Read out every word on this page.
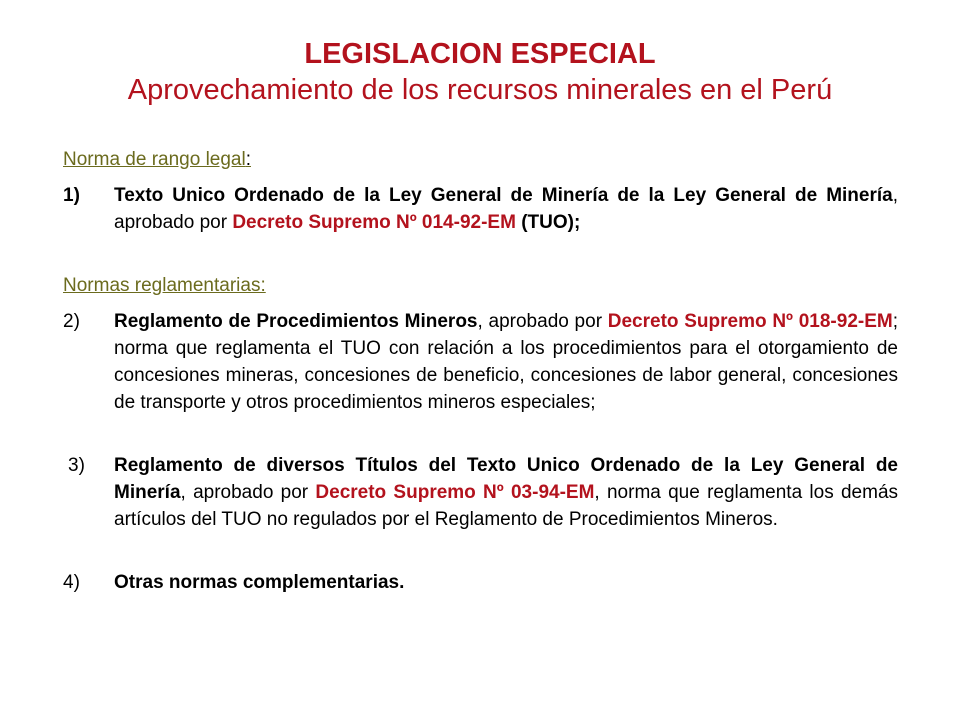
LEGISLACION ESPECIAL
Aprovechamiento de los recursos minerales en el Perú

Norma de rango legal:

1)	Texto Unico Ordenado de la Ley General de Minería de la Ley General de Minería, aprobado por Decreto Supremo Nº 014-92-EM (TUO);

Normas reglamentarias:

2)	Reglamento de Procedimientos Mineros, aprobado por Decreto Supremo Nº 018-92-EM; norma que reglamenta el TUO con relación a los procedimientos para el otorgamiento de concesiones mineras, concesiones de beneficio, concesiones de labor general, concesiones de transporte y otros procedimientos mineros especiales;
3)	Reglamento de diversos Títulos del Texto Unico Ordenado de la Ley General de Minería, aprobado por Decreto Supremo Nº 03-94-EM, norma que reglamenta los demás artículos del TUO no regulados por el Reglamento de Procedimientos Mineros.
4)	Otras normas complementarias.
